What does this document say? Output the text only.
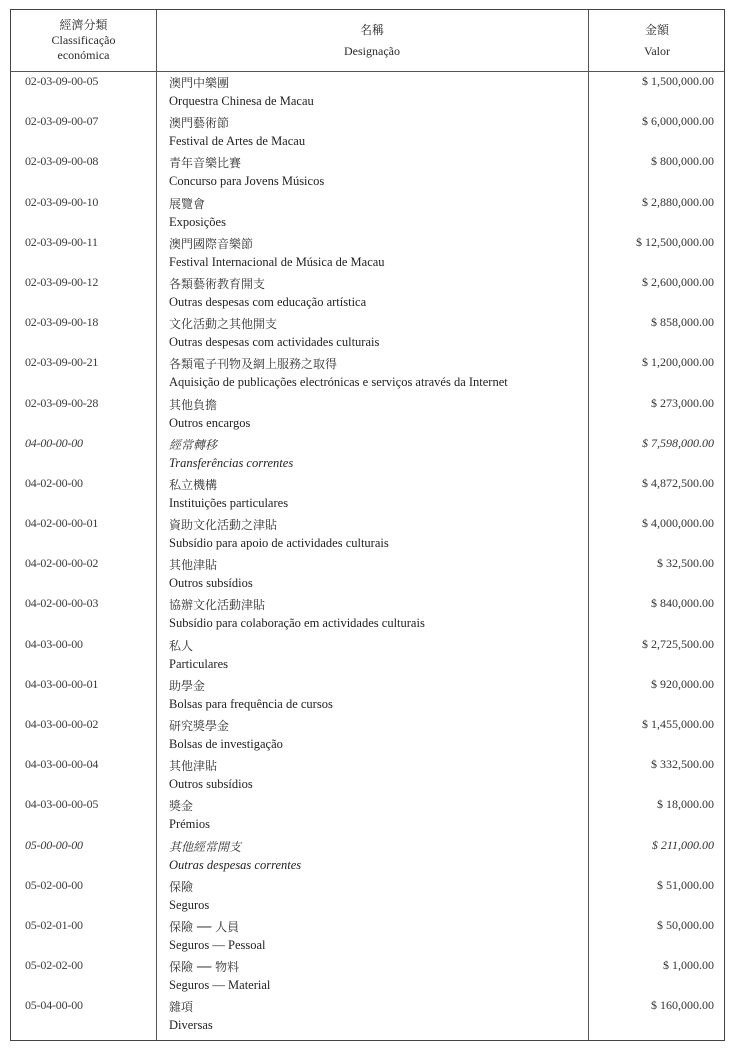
經濟分類
Classificação
económica
名稱
Designação
金額
Valor
02-03-09-00-05	澳門中樂團
Orquestra Chinesa de Macau
$ 1,500,000.00
02-03-09-00-07	澳門藝術節
Festival de Artes de Macau
$ 6,000,000.00
02-03-09-00-08	青年音樂比賽
Concurso para Jovens Músicos
$ 800,000.00
02-03-09-00-10	展覽會
Exposições
$ 2,880,000.00
02-03-09-00-11	澳門國際音樂節
Festival Internacional de Música de Macau
$ 12,500,000.00
02-03-09-00-12	各類藝術教育開支
Outras despesas com educação artística
$ 2,600,000.00
02-03-09-00-18	文化活動之其他開支
Outras despesas com actividades culturais
$ 858,000.00
02-03-09-00-21	各類電子刊物及網上服務之取得
Aquisição de publicações electrónicas e serviços através da Internet
$ 1,200,000.00
02-03-09-00-28	其他負擔
Outros encargos
$ 273,000.00
04-00-00-00	經常轉移
Transferências correntes
$ 7,598,000.00
04-02-00-00	私立機構
Instituições particulares
$ 4,872,500.00
04-02-00-00-01	資助文化活動之津貼
Subsídio para apoio de actividades culturais
$ 4,000,000.00
04-02-00-00-02	其他津貼
Outros subsídios
$ 32,500.00
04-02-00-00-03	協辦文化活動津貼
Subsídio para colaboração em actividades culturais
$ 840,000.00
04-03-00-00	私人
Particulares
$ 2,725,500.00
04-03-00-00-01	助學金
Bolsas para frequência de cursos
$ 920,000.00
04-03-00-00-02	研究獎學金
Bolsas de investigação
$ 1,455,000.00
04-03-00-00-04	其他津貼
Outros subsídios
$ 332,500.00
04-03-00-00-05	獎金
Prémios
$ 18,000.00
05-00-00-00	其他經常開支
Outras despesas correntes
$ 211,000.00
05-02-00-00	保險
Seguros
$ 51,000.00
05-02-01-00	保險 ── 人員
Seguros — Pessoal
$ 50,000.00
05-02-02-00	保險 ── 物料
Seguros — Material
$ 1,000.00
05-04-00-00	雜項
Diversas
$ 160,000.00
